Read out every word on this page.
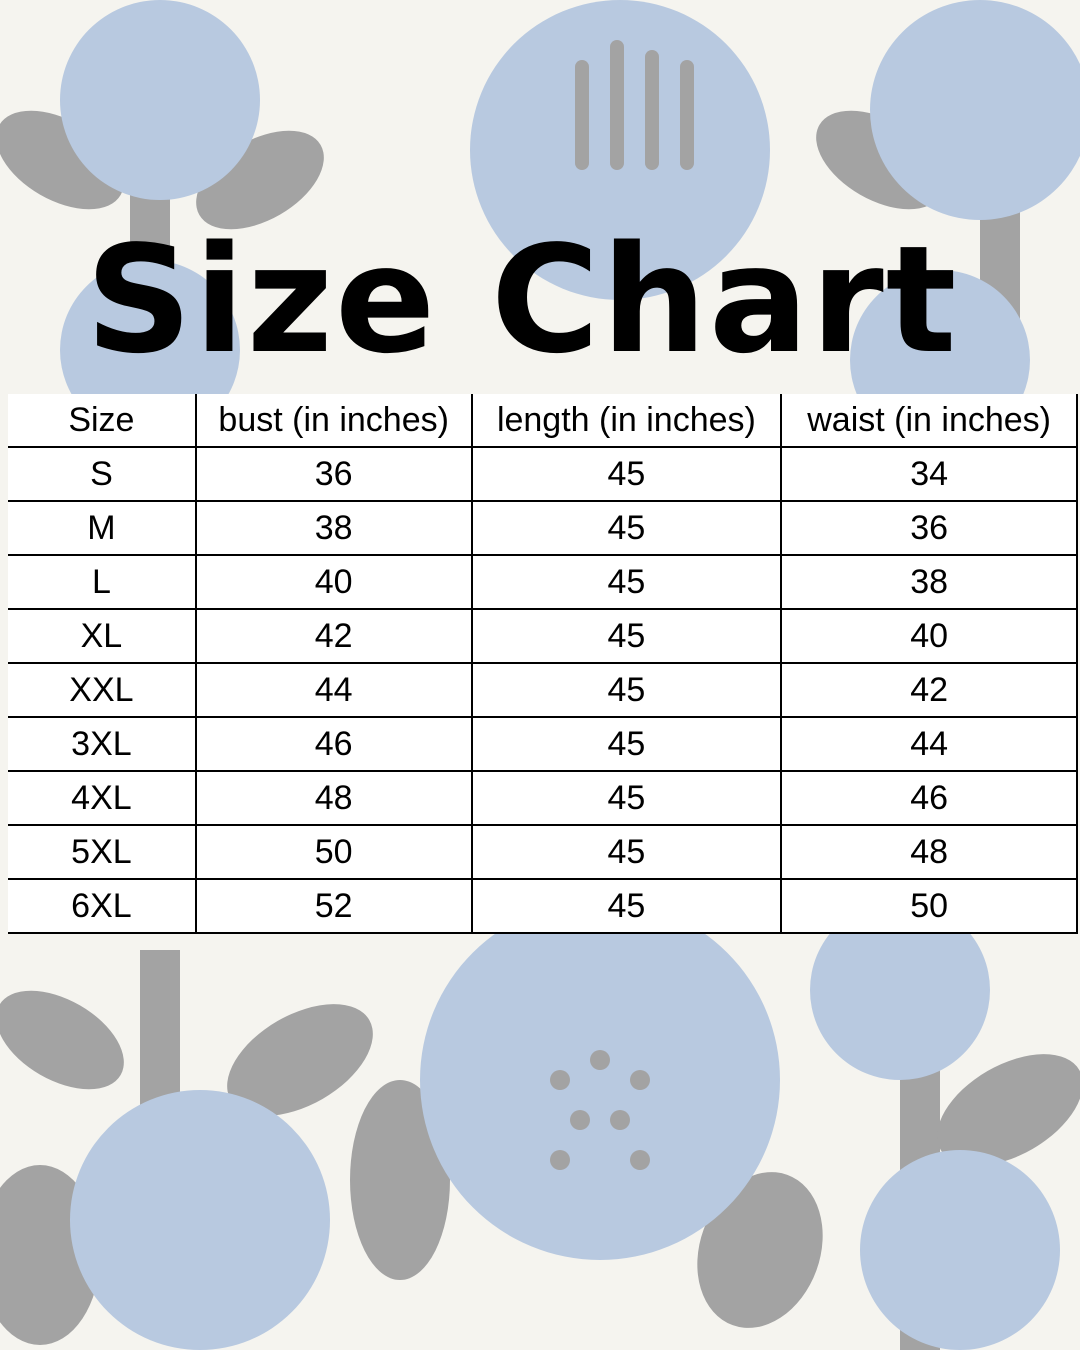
Size Chart
Size	bust (in inches)	length (in inches)	waist (in inches)
S	36	45	34
M	38	45	36
L	40	45	38
XL	42	45	40
XXL	44	45	42
3XL	46	45	44
4XL	48	45	46
5XL	50	45	48
6XL	52	45	50
